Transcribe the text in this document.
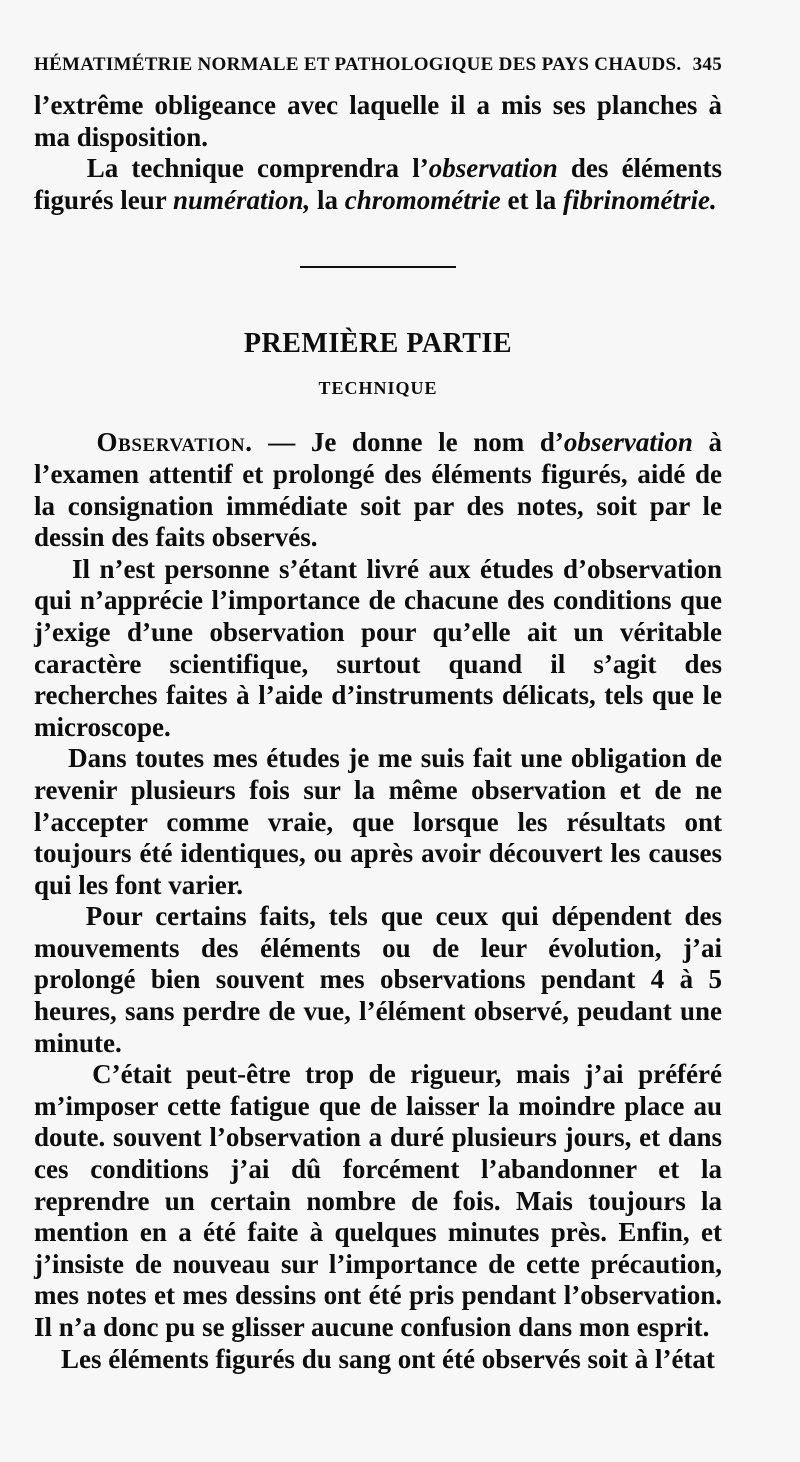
HÉMATIMÉTRIE NORMALE ET PATHOLOGIQUE DES PAYS CHAUDS. 345

l’extrême obligeance avec laquelle il a mis ses planches à ma disposition.

La technique comprendra l’observation des éléments figurés leur numération, la chromométrie et la fibrinométrie.

PREMIÈRE PARTIE
TECHNIQUE

Observation. — Je donne le nom d’observation à l’examen attentif et prolongé des éléments figurés, aidé de la consignation immédiate soit par des notes, soit par le dessin des faits observés.

Il n’est personne s’étant livré aux études d’observation qui n’apprécie l’importance de chacune des conditions que j’exige d’une observation pour qu’elle ait un véritable caractère scientifique, surtout quand il s’agit des recherches faites à l’aide d’instruments délicats, tels que le microscope.

Dans toutes mes études je me suis fait une obligation de revenir plusieurs fois sur la même observation et de ne l’accepter comme vraie, que lorsque les résultats ont toujours été identiques, ou après avoir découvert les causes qui les font varier.

Pour certains faits, tels que ceux qui dépendent des mouvements des éléments ou de leur évolution, j’ai prolongé bien souvent mes observations pendant 4 à 5 heures, sans perdre de vue, l’élément observé, peudant une minute.

C’était peut-être trop de rigueur, mais j’ai préféré m’imposer cette fatigue que de laisser la moindre place au doute. souvent l’observation a duré plusieurs jours, et dans ces conditions j’ai dû forcément l’abandonner et la reprendre un certain nombre de fois. Mais toujours la mention en a été faite à quelques minutes près. Enfin, et j’insiste de nouveau sur l’importance de cette précaution, mes notes et mes dessins ont été pris pendant l’observation. Il n’a donc pu se glisser aucune confusion dans mon esprit.

Les éléments figurés du sang ont été observés soit à l’état
